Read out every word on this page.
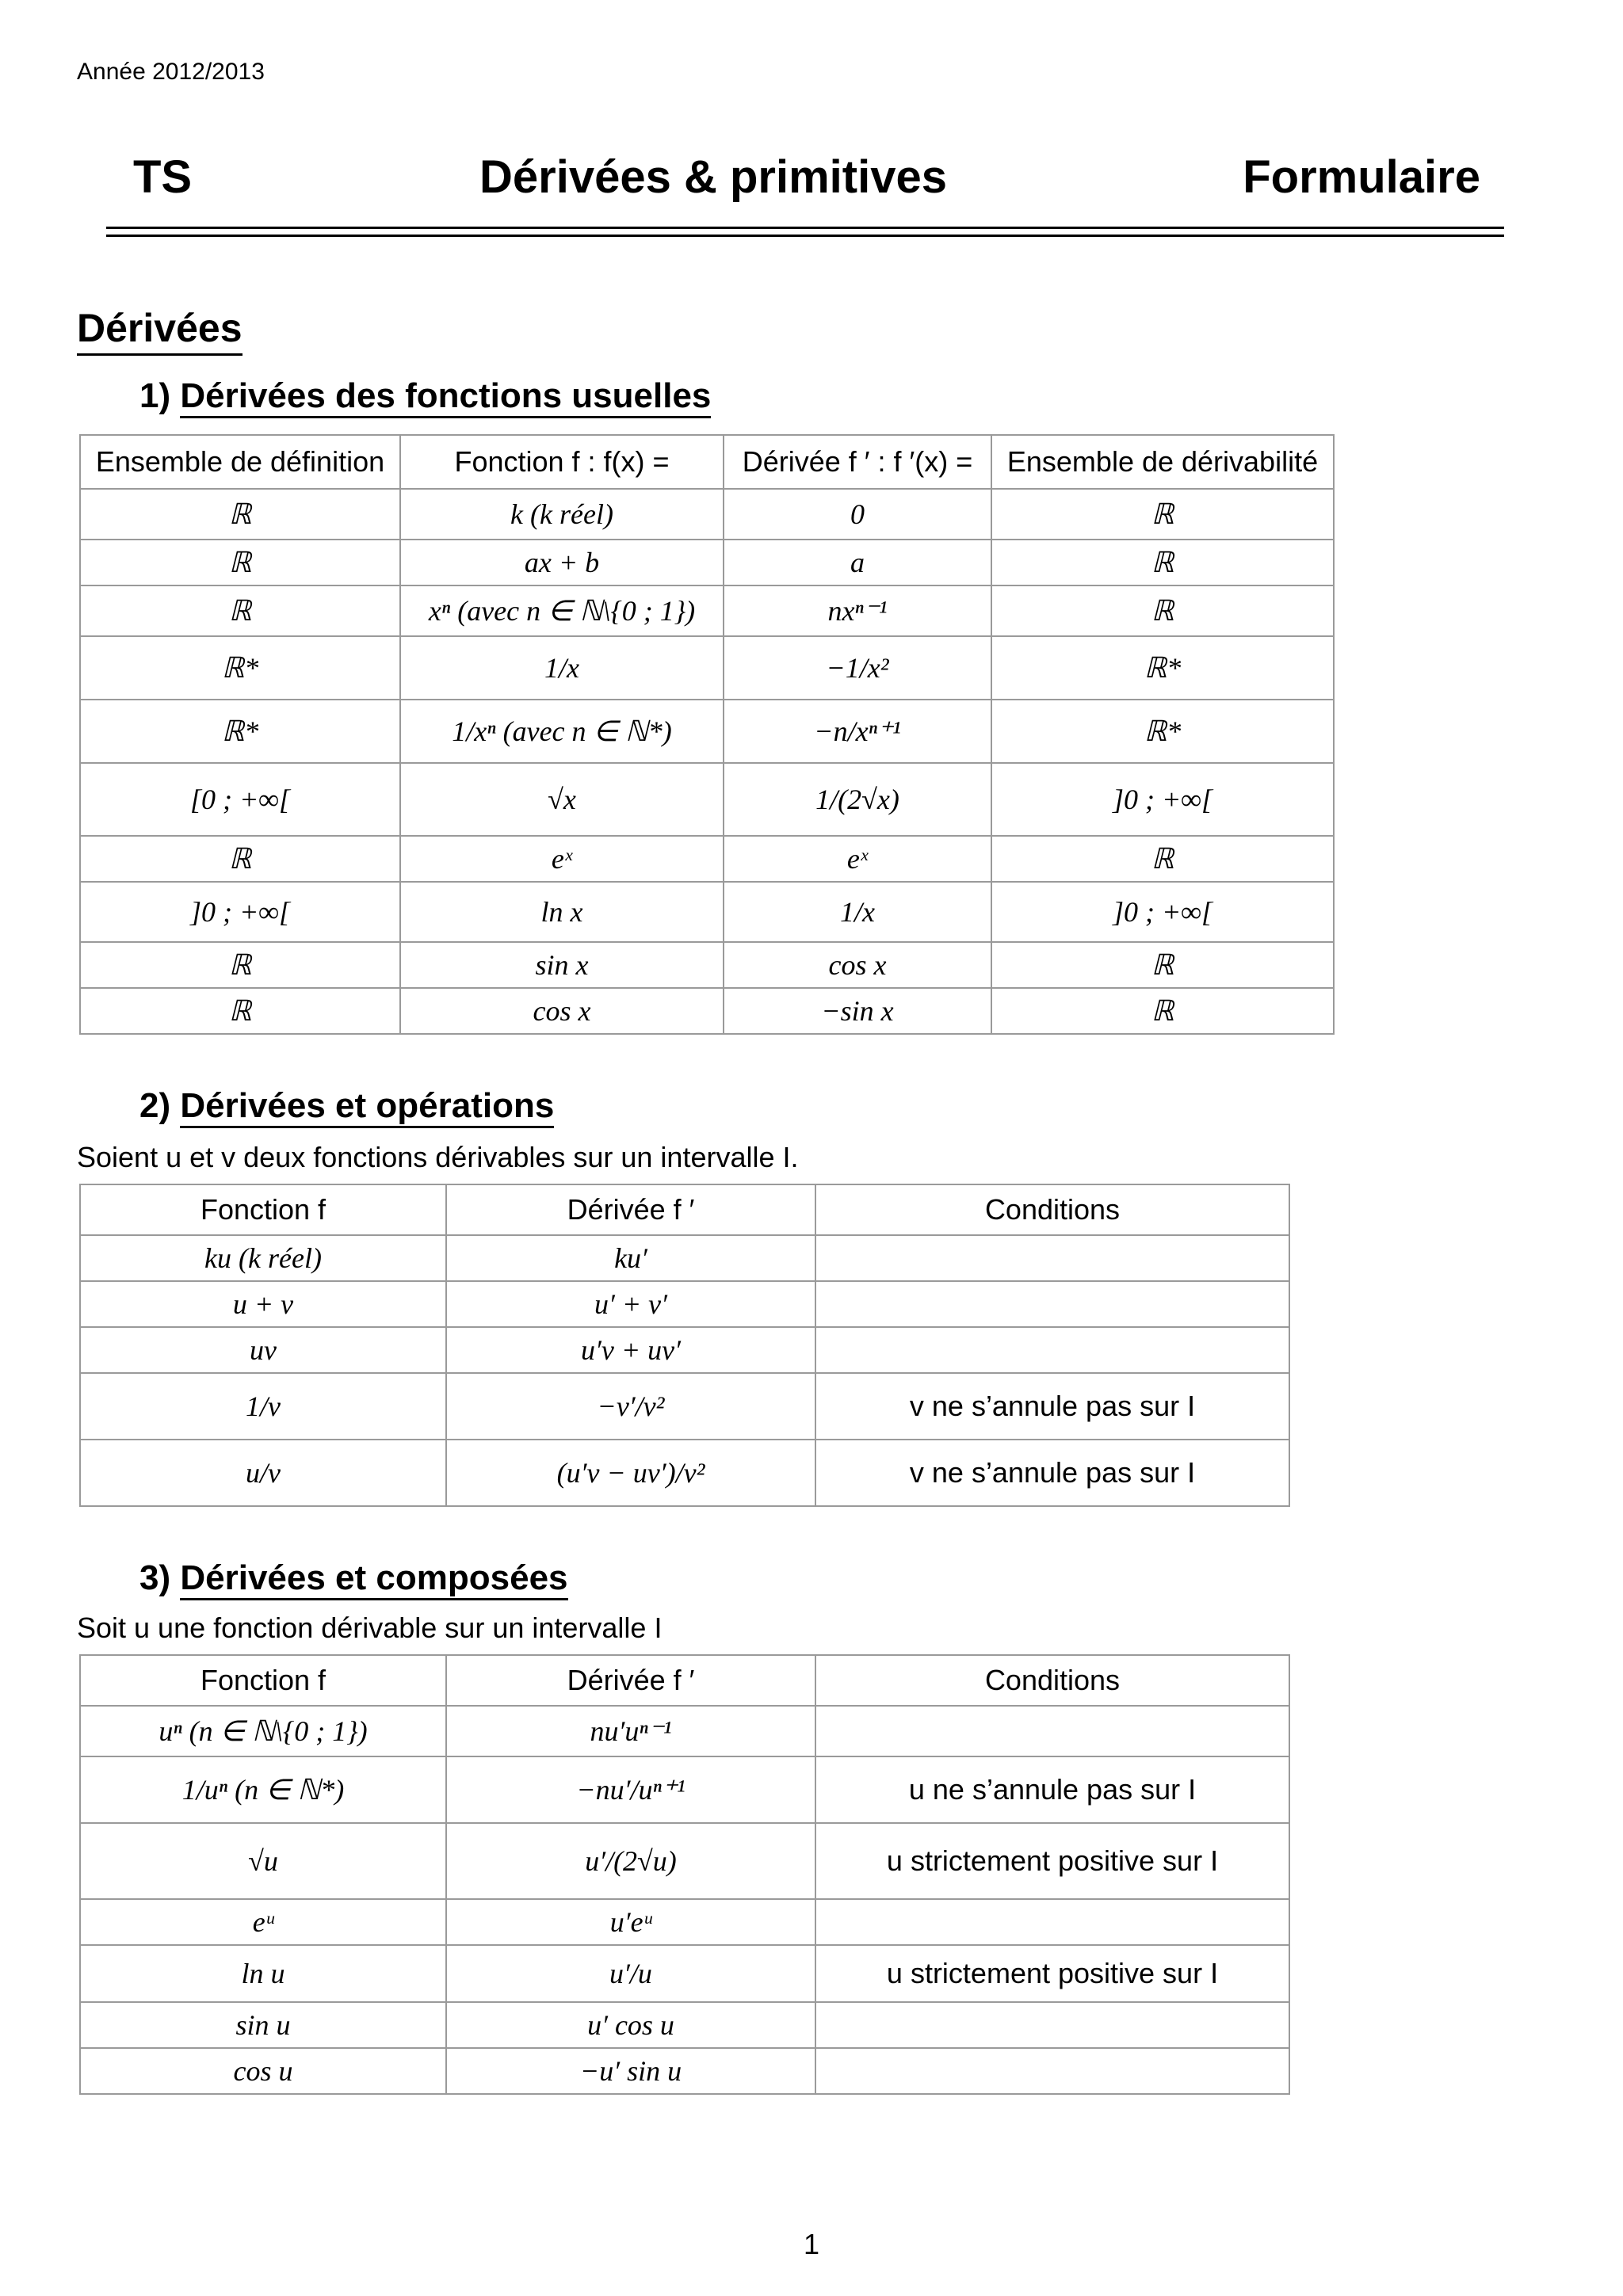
Année 2012/2013
TS	Dérivées & primitives	Formulaire
Dérivées
1) Dérivées des fonctions usuelles
Ensemble de définition	Fonction f : f(x) =	Dérivée f ′ : f ′(x) =	Ensemble de dérivabilité
ℝ	k (k réel)	0	ℝ
ℝ	ax + b	a	ℝ
ℝ	xⁿ (avec n ∈ ℕ\{0 ; 1})	nxⁿ⁻¹	ℝ
ℝ*	1/x	−1/x²	ℝ*
ℝ*	1/xⁿ (avec n ∈ ℕ*)	−n/xⁿ⁺¹	ℝ*
[0 ; +∞[	√x	1/(2√x)	]0 ; +∞[
ℝ	eˣ	eˣ	ℝ
]0 ; +∞[	ln x	1/x	]0 ; +∞[
ℝ	sin x	cos x	ℝ
ℝ	cos x	−sin x	ℝ
2) Dérivées et opérations
Soient u et v deux fonctions dérivables sur un intervalle I.
Fonction f	Dérivée f ′	Conditions
ku (k réel)	ku′	
u + v	u′ + v′	
uv	u′v + uv′	
1/v	−v′/v²	v ne s’annule pas sur I
u/v	(u′v − uv′)/v²	v ne s’annule pas sur I
3) Dérivées et composées
Soit u une fonction dérivable sur un intervalle I
Fonction f	Dérivée f ′	Conditions
uⁿ (n ∈ ℕ\{0 ; 1})	nu′uⁿ⁻¹	
1/uⁿ (n ∈ ℕ*)	−nu′/uⁿ⁺¹	u ne s’annule pas sur I
√u	u′/(2√u)	u strictement positive sur I
eᵘ	u′eᵘ	
ln u	u′/u	u strictement positive sur I
sin u	u′ cos u	
cos u	−u′ sin u	
1
